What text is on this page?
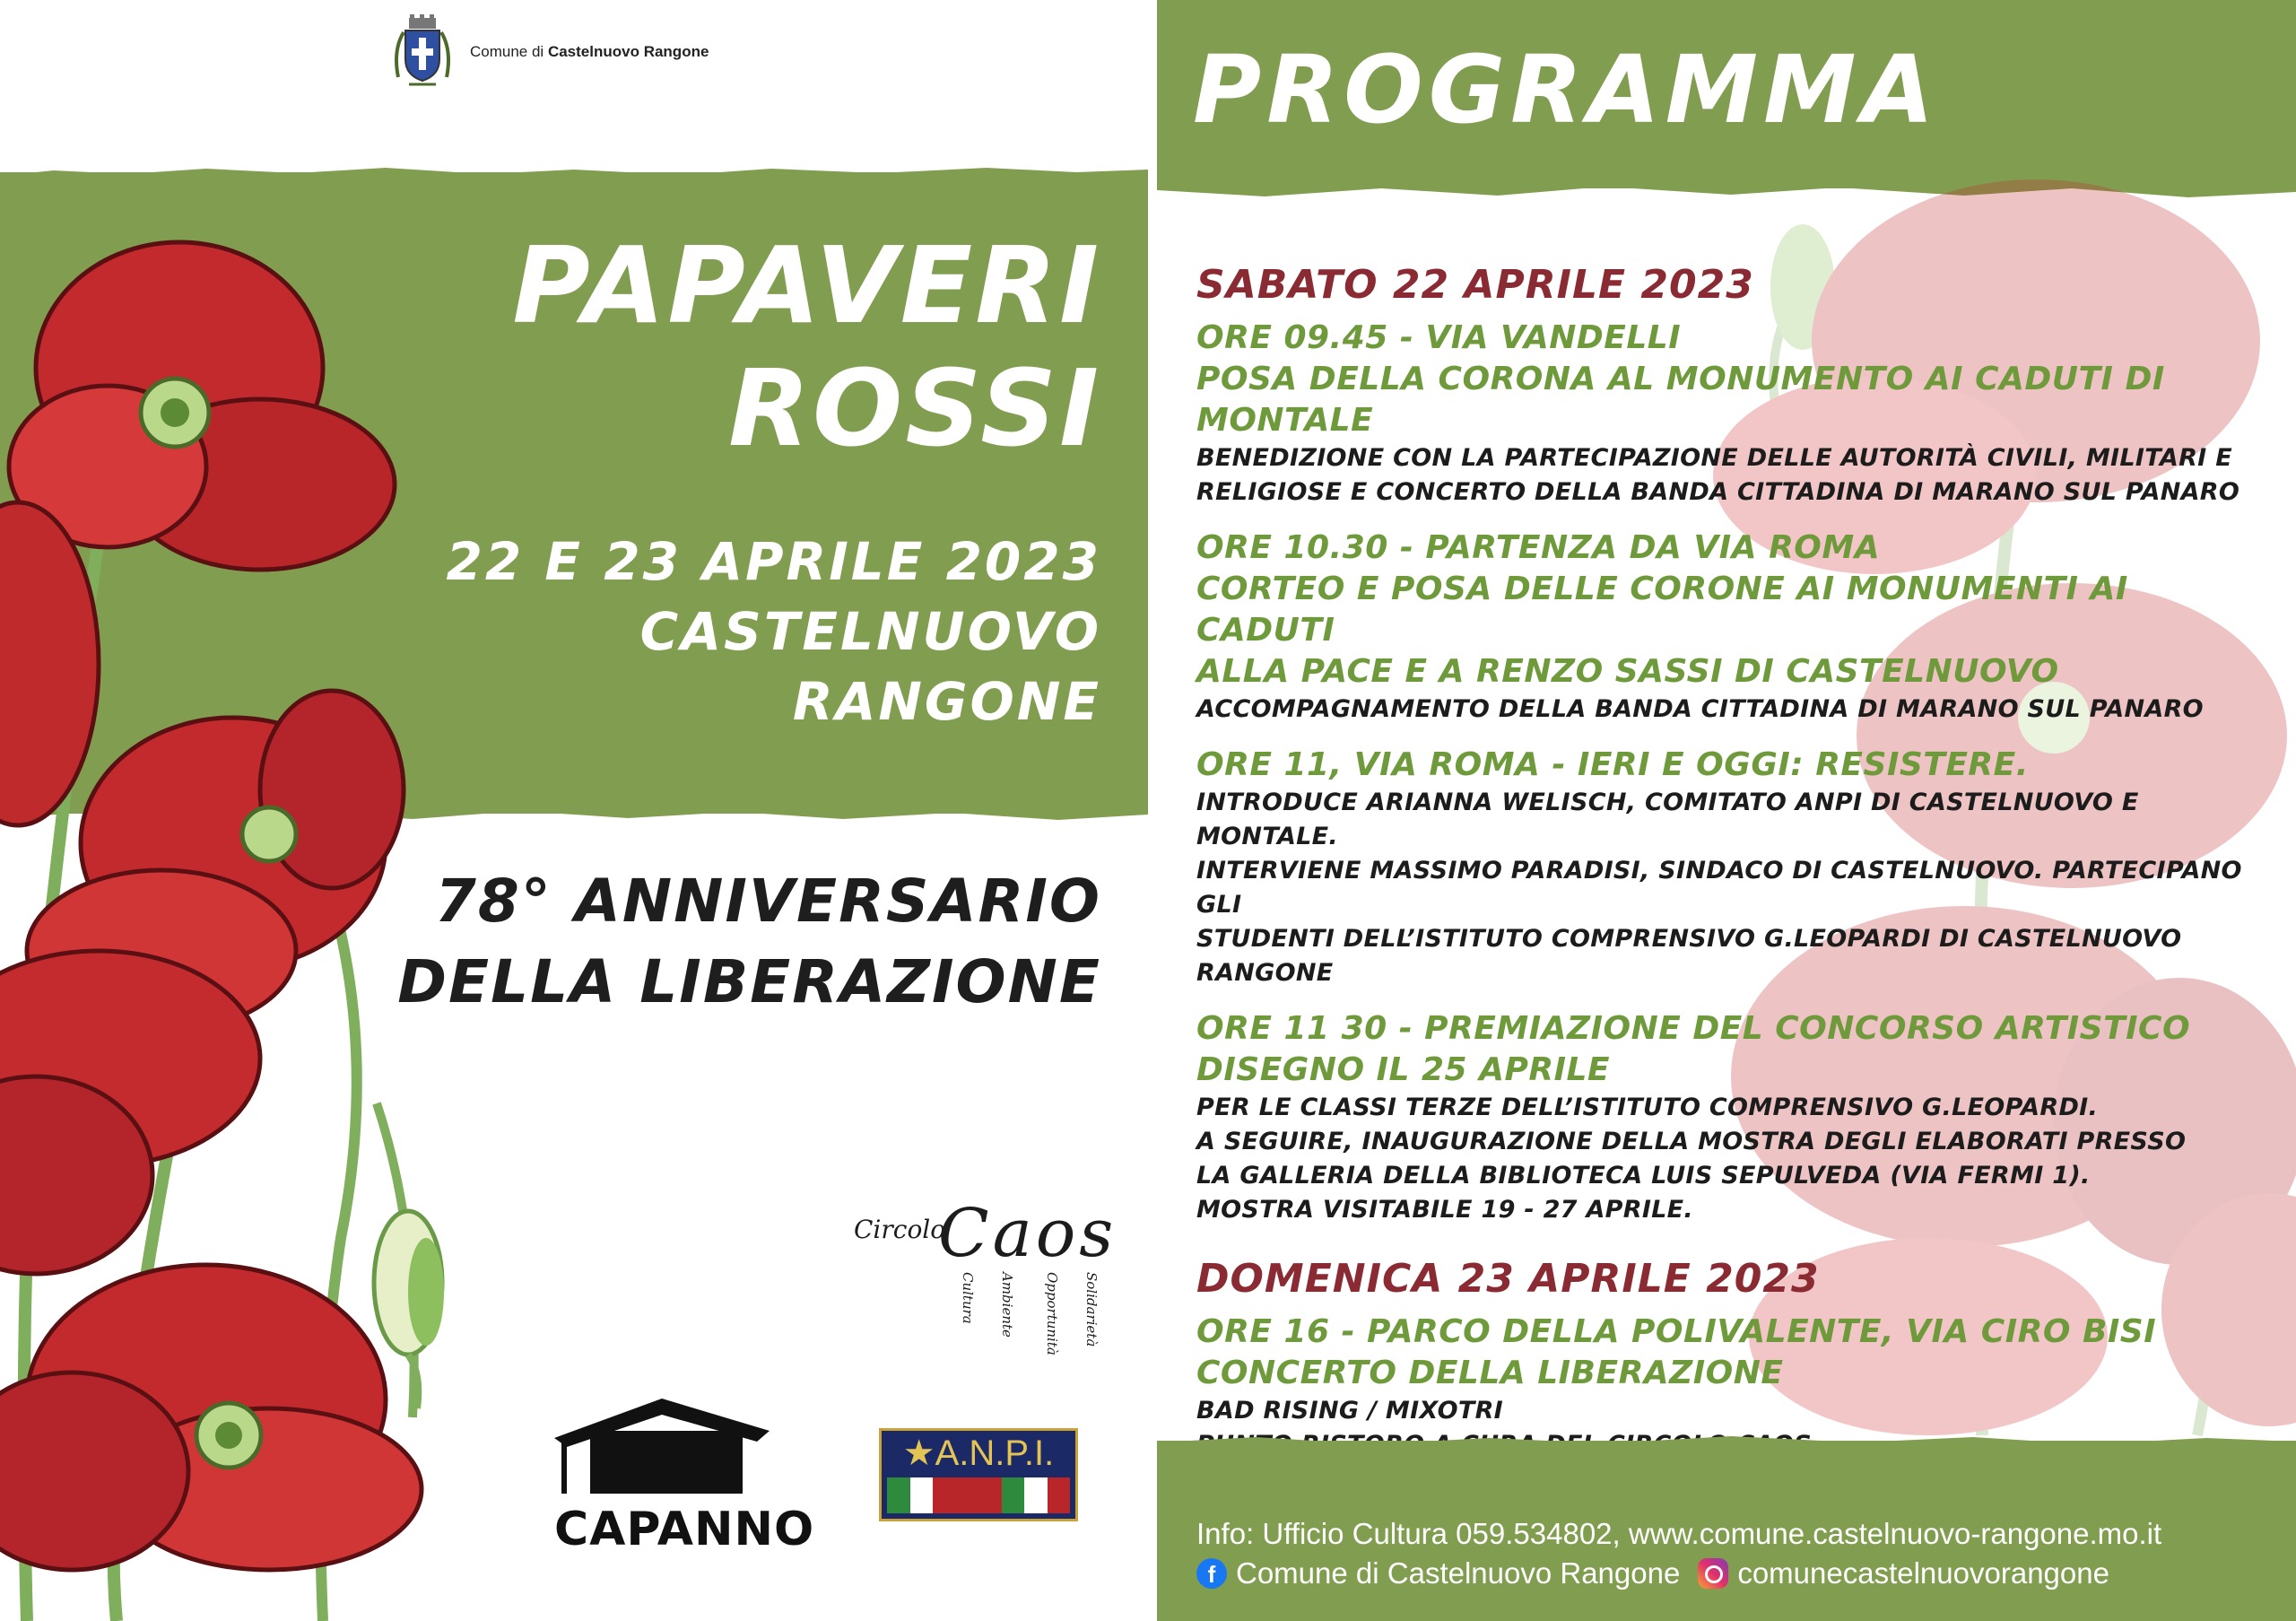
Comune di Castelnuovo Rangone
PAPAVERI
ROSSI
22 E 23 APRILE 2023
CASTELNUOVO
RANGONE
78° ANNIVERSARIO
DELLA LIBERAZIONE
Circolo
Caos
Cultura Ambiente Opportunità Solidarietà
CAPANNO
★A.N.P.I.
PROGRAMMA
SABATO 22 APRILE 2023
ORE 09.45 - VIA VANDELLI
POSA DELLA CORONA AL MONUMENTO AI CADUTI DI MONTALE
BENEDIZIONE CON LA PARTECIPAZIONE DELLE AUTORITÀ CIVILI, MILITARI E
RELIGIOSE E CONCERTO DELLA BANDA CITTADINA DI MARANO SUL PANARO
ORE 10.30 - PARTENZA DA VIA ROMA
CORTEO E POSA DELLE CORONE AI MONUMENTI AI CADUTI
ALLA PACE E A RENZO SASSI DI CASTELNUOVO
ACCOMPAGNAMENTO DELLA BANDA CITTADINA DI MARANO SUL PANARO
ORE 11, VIA ROMA - IERI E OGGI: RESISTERE.
INTRODUCE ARIANNA WELISCH, COMITATO ANPI DI CASTELNUOVO E MONTALE.
INTERVIENE MASSIMO PARADISI, SINDACO DI CASTELNUOVO. PARTECIPANO GLI
STUDENTI DELL’ISTITUTO COMPRENSIVO G.LEOPARDI DI CASTELNUOVO RANGONE
ORE 11 30 - PREMIAZIONE DEL CONCORSO ARTISTICO
DISEGNO IL 25 APRILE
PER LE CLASSI TERZE DELL’ISTITUTO COMPRENSIVO G.LEOPARDI.
A SEGUIRE, INAUGURAZIONE DELLA MOSTRA DEGLI ELABORATI PRESSO
LA GALLERIA DELLA BIBLIOTECA LUIS SEPULVEDA (VIA FERMI 1).
MOSTRA VISITABILE 19 - 27 APRILE.
DOMENICA 23 APRILE 2023
ORE 16 - PARCO DELLA POLIVALENTE, VIA CIRO BISI
CONCERTO DELLA LIBERAZIONE
BAD RISING / MIXOTRI
Info: Ufficio Cultura 059.534802, www.comune.castelnuovo-rangone.mo.it
f Comune di Castelnuovo Rangone comunecastelnuovorangone
